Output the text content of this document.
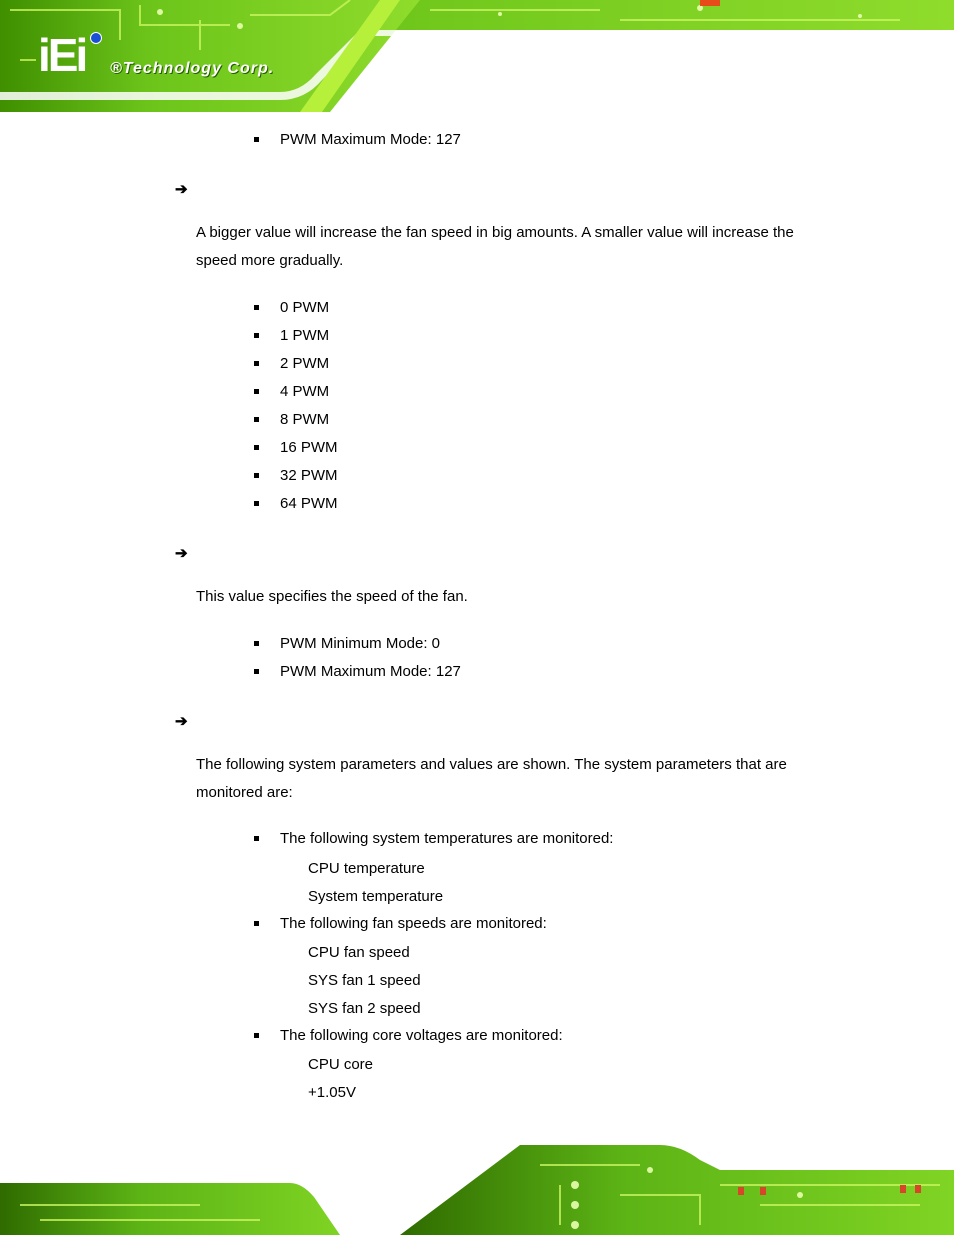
iEi ®Technology Corp.
PWM Maximum Mode: 127
➔
A bigger value will increase the fan speed in big amounts. A smaller value will increase the
speed more gradually.
0 PWM
1 PWM
2 PWM
4 PWM
8 PWM
16 PWM
32 PWM
64 PWM
➔
This value specifies the speed of the fan.
PWM Minimum Mode: 0
PWM Maximum Mode: 127
➔
The following system parameters and values are shown. The system parameters that are
monitored are:
The following system temperatures are monitored:
CPU temperature
System temperature
The following fan speeds are monitored:
CPU fan speed
SYS fan 1 speed
SYS fan 2 speed
The following core voltages are monitored:
CPU core
+1.05V
